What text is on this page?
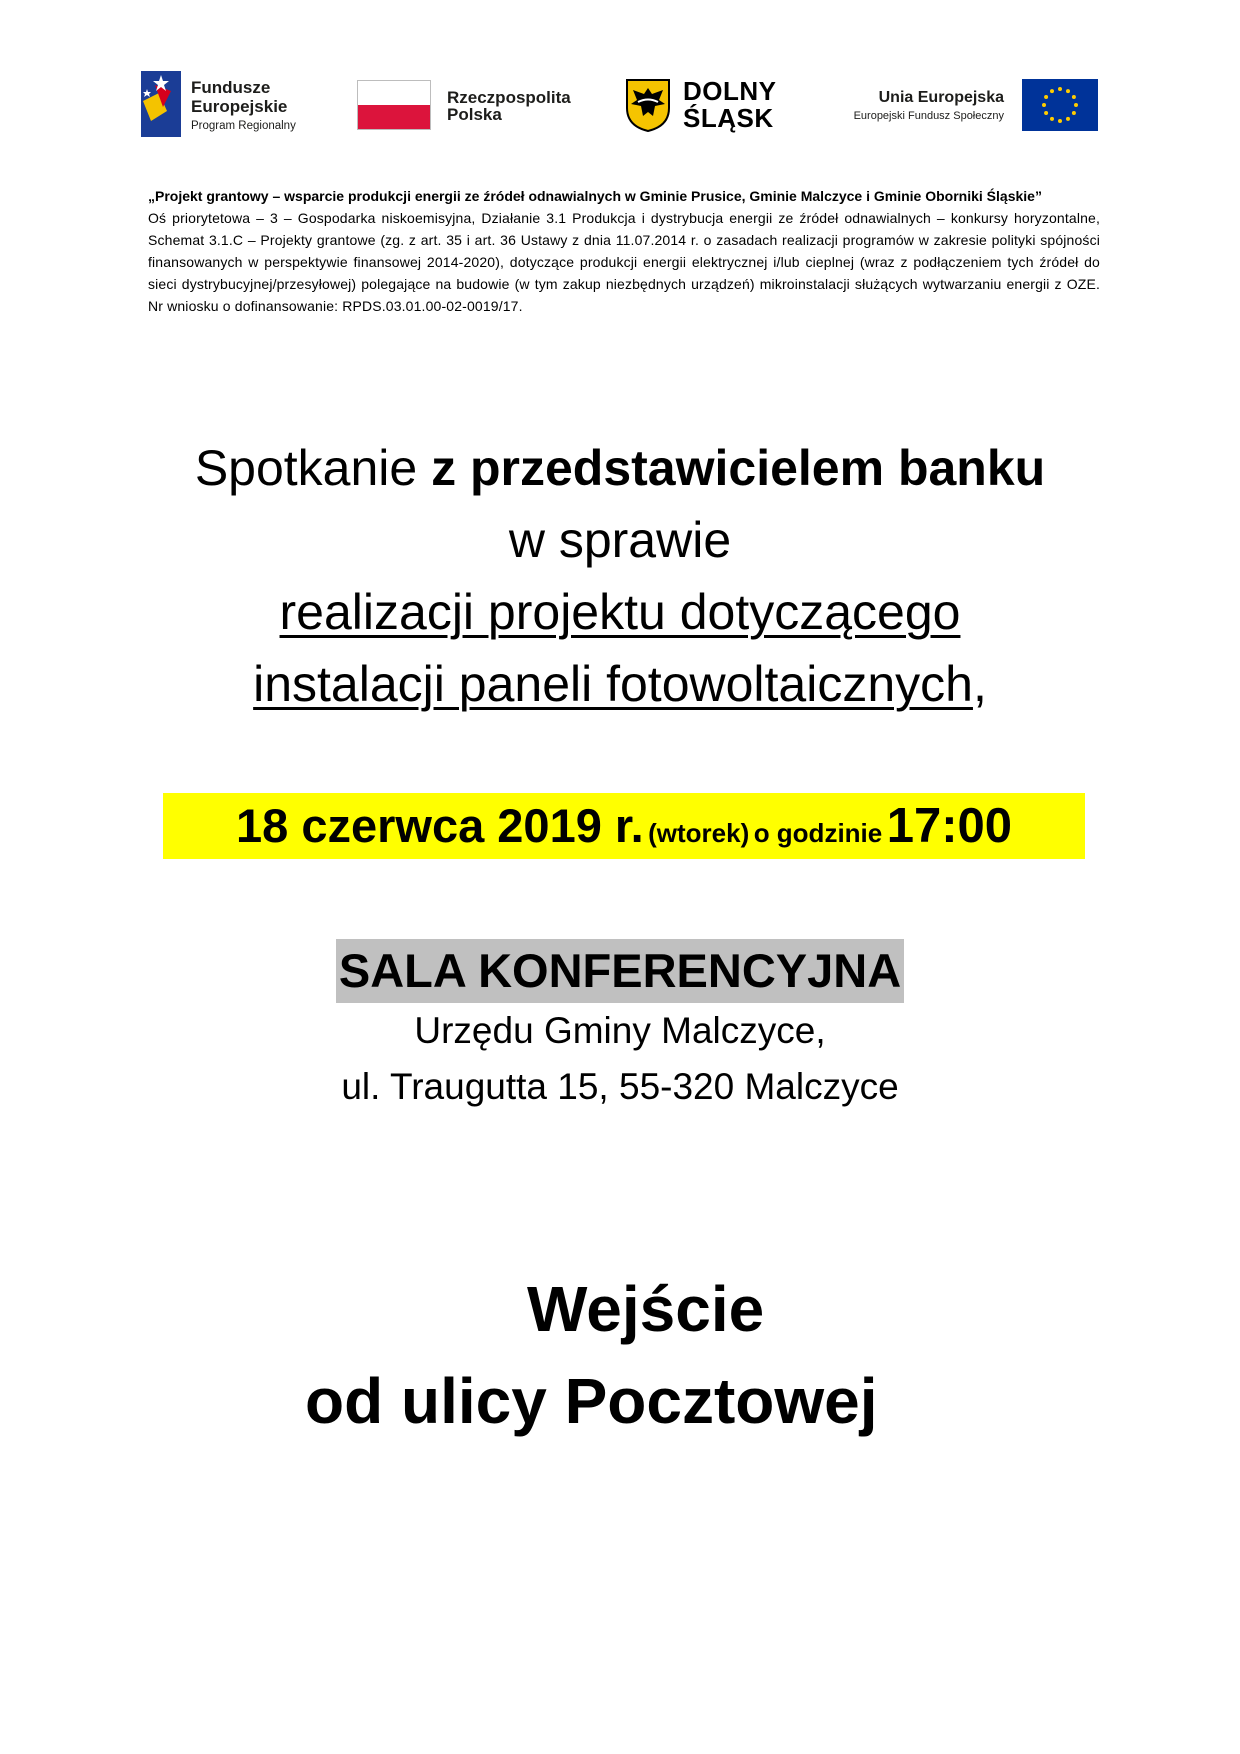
Fundusze
Europejskie
Program Regionalny
Rzeczpospolita
Polska
DOLNY
ŚLĄSK
Unia Europejska
Europejski Fundusz Społeczny
„Projekt grantowy – wsparcie produkcji energii ze źródeł odnawialnych w Gminie Prusice, Gminie Malczyce i Gminie Oborniki Śląskie”
Oś priorytetowa – 3 – Gospodarka niskoemisyjna, Działanie 3.1 Produkcja i dystrybucja energii ze źródeł odnawialnych – konkursy horyzontalne, Schemat 3.1.C – Projekty grantowe (zg. z art. 35 i art. 36 Ustawy z dnia 11.07.2014 r. o zasadach realizacji programów w zakresie polityki spójności finansowanych w perspektywie finansowej 2014-2020), dotyczące produkcji energii elektrycznej i/lub cieplnej (wraz z podłączeniem tych źródeł do sieci dystrybucyjnej/przesyłowej) polegające na budowie (w tym zakup niezbędnych urządzeń) mikroinstalacji służących wytwarzaniu energii z OZE. Nr wniosku o dofinansowanie: RPDS.03.01.00-02-0019/17.
Spotkanie z przedstawicielem banku
w sprawie
realizacji projektu dotyczącego
instalacji paneli fotowoltaicznych,
18 czerwca 2019 r. (wtorek) o godzinie 17:00
SALA KONFERENCYJNA
Urzędu Gminy Malczyce,
ul. Traugutta 15, 55-320 Malczyce
Wejście
od ulicy Pocztowej
